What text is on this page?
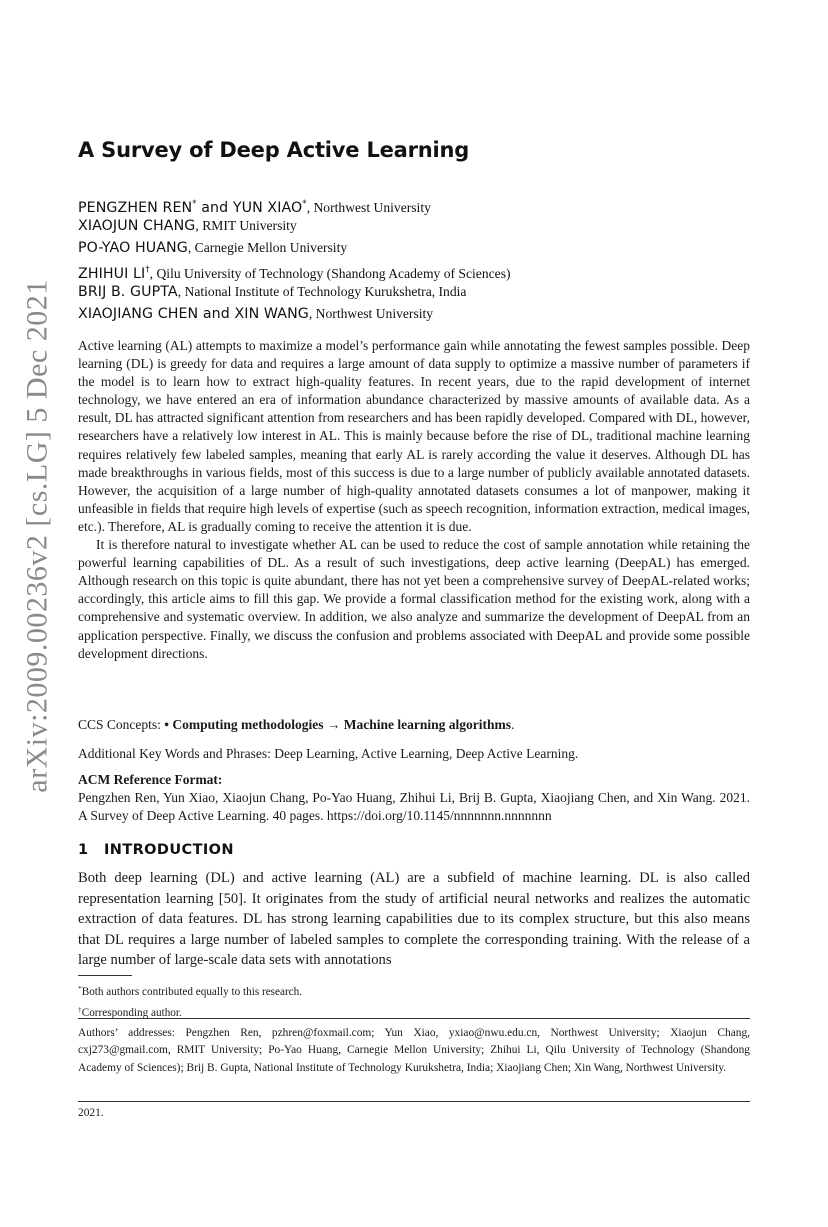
arXiv:2009.00236v2 [cs.LG] 5 Dec 2021
A Survey of Deep Active Learning
PENGZHEN REN* and YUN XIAO*, Northwest University
XIAOJUN CHANG, RMIT University
PO-YAO HUANG, Carnegie Mellon University
ZHIHUI LI†, Qilu University of Technology (Shandong Academy of Sciences)
BRIJ B. GUPTA, National Institute of Technology Kurukshetra, India
XIAOJIANG CHEN and XIN WANG, Northwest University

Active learning (AL) attempts to maximize a model’s performance gain while annotating the fewest samples possible. Deep learning (DL) is greedy for data and requires a large amount of data supply to optimize a massive number of parameters if the model is to learn how to extract high-quality features. In recent years, due to the rapid development of internet technology, we have entered an era of information abundance characterized by massive amounts of available data. As a result, DL has attracted significant attention from researchers and has been rapidly developed. Compared with DL, however, researchers have a relatively low interest in AL. This is mainly because before the rise of DL, traditional machine learning requires relatively few labeled samples, meaning that early AL is rarely according the value it deserves. Although DL has made breakthroughs in various fields, most of this success is due to a large number of publicly available annotated datasets. However, the acquisition of a large number of high-quality annotated datasets consumes a lot of manpower, making it unfeasible in fields that require high levels of expertise (such as speech recognition, information extraction, medical images, etc.). Therefore, AL is gradually coming to receive the attention it is due.

It is therefore natural to investigate whether AL can be used to reduce the cost of sample annotation while retaining the powerful learning capabilities of DL. As a result of such investigations, deep active learning (DeepAL) has emerged. Although research on this topic is quite abundant, there has not yet been a comprehensive survey of DeepAL-related works; accordingly, this article aims to fill this gap. We provide a formal classification method for the existing work, along with a comprehensive and systematic overview. In addition, we also analyze and summarize the development of DeepAL from an application perspective. Finally, we discuss the confusion and problems associated with DeepAL and provide some possible development directions.

CCS Concepts: • Computing methodologies → Machine learning algorithms.
Additional Key Words and Phrases: Deep Learning, Active Learning, Deep Active Learning.
ACM Reference Format:
Pengzhen Ren, Yun Xiao, Xiaojun Chang, Po-Yao Huang, Zhihui Li, Brij B. Gupta, Xiaojiang Chen, and Xin Wang. 2021. A Survey of Deep Active Learning. 40 pages. https://doi.org/10.1145/nnnnnnn.nnnnnnn
1 INTRODUCTION

Both deep learning (DL) and active learning (AL) are a subfield of machine learning. DL is also called representation learning [50]. It originates from the study of artificial neural networks and realizes the automatic extraction of data features. DL has strong learning capabilities due to its complex structure, but this also means that DL requires a large number of labeled samples to complete the corresponding training. With the release of a large number of large-scale data sets with annotations

*Both authors contributed equally to this research.
†Corresponding author.

Authors’ addresses: Pengzhen Ren, pzhren@foxmail.com; Yun Xiao, yxiao@nwu.edu.cn, Northwest University; Xiaojun Chang, cxj273@gmail.com, RMIT University; Po-Yao Huang, Carnegie Mellon University; Zhihui Li, Qilu University of Technology (Shandong Academy of Sciences); Brij B. Gupta, National Institute of Technology Kurukshetra, India; Xiaojiang Chen; Xin Wang, Northwest University.

2021.
